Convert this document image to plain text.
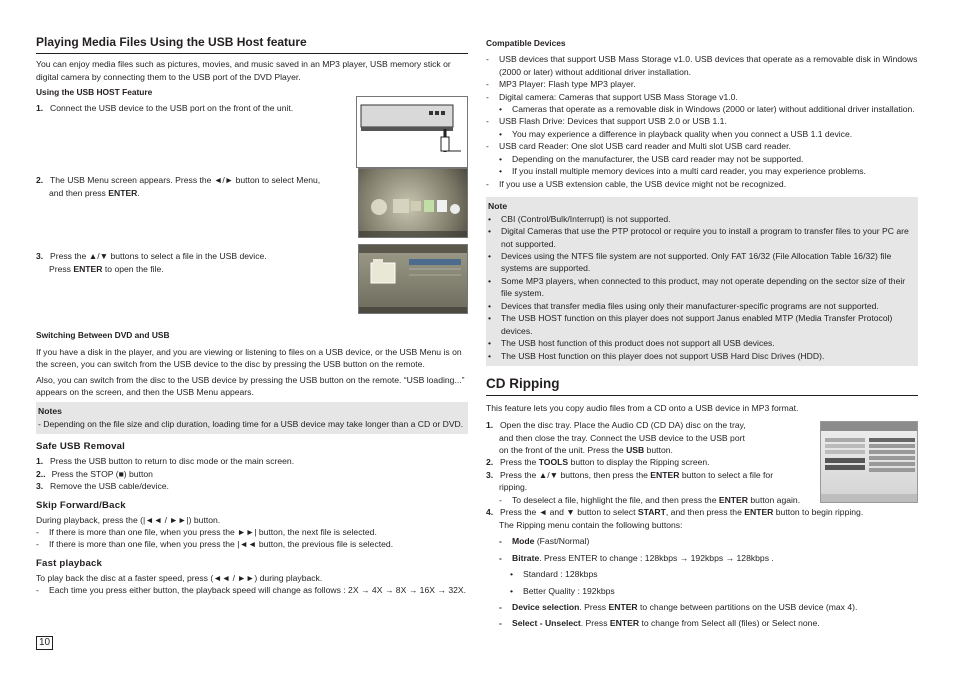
Playing Media Files Using the USB Host feature

You can enjoy media files such as pictures, movies, and music saved in an MP3 player, USB memory stick or digital camera by connecting them to the USB port of the DVD Player.

Using the USB HOST Feature
1. Connect the USB device to the USB port on the front of the unit.
2. The USB Menu screen appears. Press the ◄/► button to select Menu,
and then press ENTER.
3. Press the ▲/▼ buttons to select a file in the USB device.
Press ENTER to open the file.
Switching Between DVD and USB

If you have a disk in the player, and you are viewing or listening to files on a USB device, or the USB Menu is on the screen, you can switch from the USB device to the disc by pressing the USB button on the remote.

Also, you can switch from the disc to the USB device by pressing the USB button on the remote. “USB loading...” appears on the screen, and then the USB Menu appears.

Notes
- Depending on the file size and clip duration, loading time for a USB device may take longer than a CD or DVD.
Safe USB Removal
1. Press the USB button to return to disc mode or the main screen.
2.. Press the STOP (■) button
3. Remove the USB cable/device.
Skip Forward/Back

During playback, press the (|◄◄ / ►►|) button.

-	If there is more than one file, when you press the ►►| button, the next file is selected.
-	If there is more than one file, when you press the |◄◄ button, the previous file is selected.
Fast playback

To play back the disc at a faster speed, press (◄◄ / ►►) during playback.

-	Each time you press either button, the playback speed will change as follows : 2X → 4X → 8X → 16X → 32X.
10
Compatible Devices
-	USB devices that support USB Mass Storage v1.0. USB devices that operate as a removable disk in Windows (2000 or later) without additional driver installation.
-	MP3 Player: Flash type MP3 player.
-	Digital camera: Cameras that support USB Mass Storage v1.0.
•	Cameras that operate as a removable disk in Windows (2000 or later) without additional driver installation.
-	USB Flash Drive: Devices that support USB 2.0 or USB 1.1.
•	You may experience a difference in playback quality when you connect a USB 1.1 device.
-	USB card Reader: One slot USB card reader and Multi slot USB card reader.
•	Depending on the manufacturer, the USB card reader may not be supported.
•	If you install multiple memory devices into a multi card reader, you may experience problems.
-	If you use a USB extension cable, the USB device might not be recognized.
Note
•	CBI (Control/Bulk/Interrupt) is not supported.
•	Digital Cameras that use the PTP protocol or require you to install a program to transfer files to your PC are not supported.
•	Devices using the NTFS file system are not supported. Only FAT 16/32 (File Allocation Table 16/32) file systems are supported.
•	Some MP3 players, when connected to this product, may not operate depending on the sector size of their file system.
•	Devices that transfer media files using only their manufacturer-specific programs are not supported.
•	The USB HOST function on this player does not support Janus enabled MTP (Media Transfer Protocol) devices.
•	The USB host function of this product does not support all USB devices.
•	The USB Host function on this player does not support USB Hard Disc Drives (HDD).
CD Ripping

This feature lets you copy audio files from a CD onto a USB device in MP3 format.

1. Open the disc tray. Place the Audio CD (CD DA) disc on the tray,
and then close the tray. Connect the USB device to the USB port
on the front of the unit. Press the USB button.
2. Press the TOOLS button to display the Ripping screen.
3. Press the ▲/▼ buttons, then press the ENTER button to select a file for
ripping.
-	To deselect a file, highlight the file, and then press the ENTER button again.
4. Press the ◄ and ▼ button to select START, and then press the ENTER button to begin ripping.
The Ripping menu contain the following buttons:
-	Mode (Fast/Normal)
-	Bitrate. Press ENTER to change : 128kbps → 192kbps → 128kbps .
•	Standard : 128kbps
•	Better Quality : 192kbps
-	Device selection. Press ENTER to change between partitions on the USB device (max 4).
-	Select - Unselect. Press ENTER to change from Select all (files) or Select none.
